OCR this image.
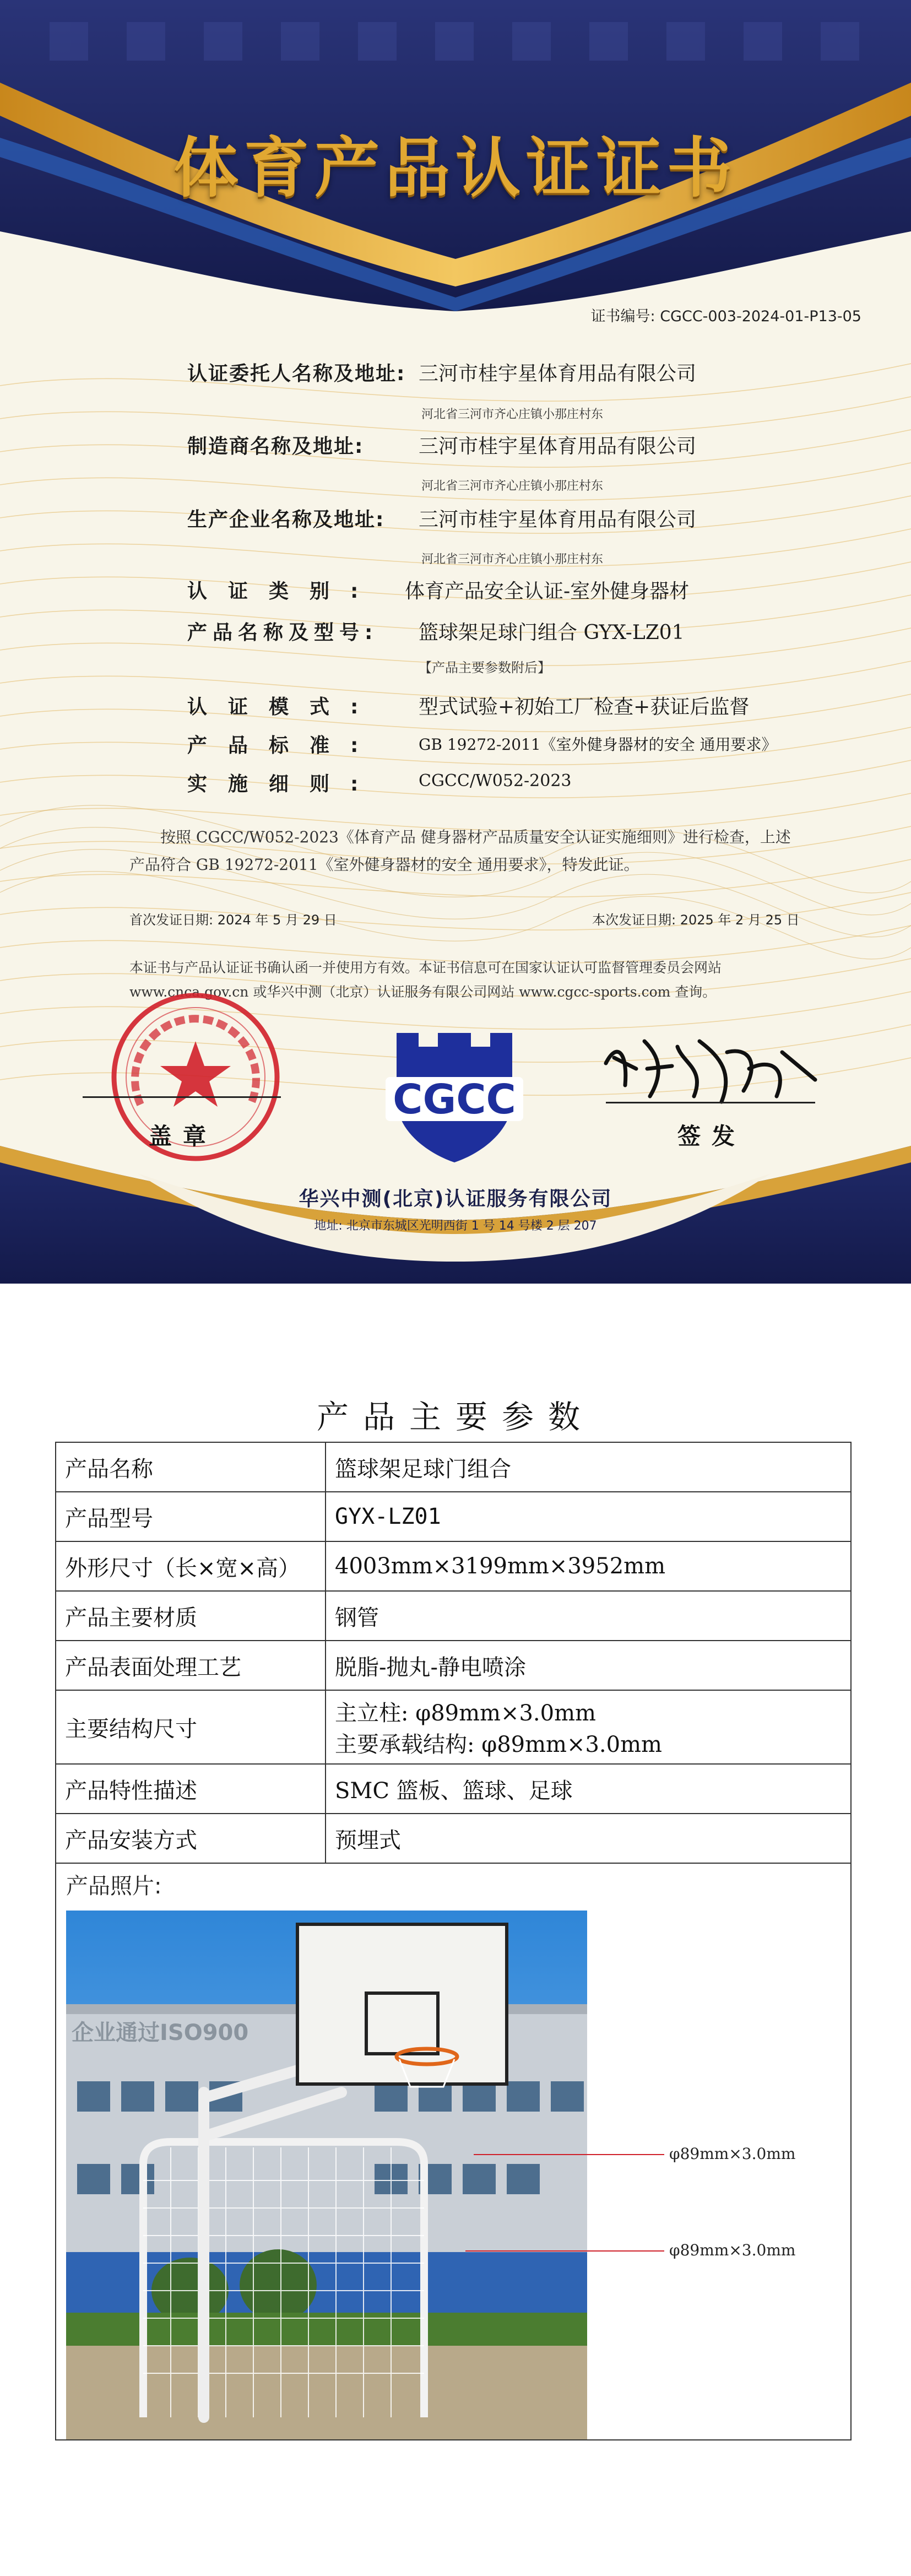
体育产品认证证书
证书编号: CGCC-003-2024-01-P13-05
认证委托人名称及地址: 三河市桂宇星体育用品有限公司
河北省三河市齐心庄镇小那庄村东
制造商名称及地址:	三河市桂宇星体育用品有限公司
河北省三河市齐心庄镇小那庄村东
生产企业名称及地址: 三河市桂宇星体育用品有限公司
河北省三河市齐心庄镇小那庄村东
认证类别: 体育产品安全认证-室外健身器材
产品名称及型号: 篮球架足球门组合 GYX-LZ01
【产品主要参数附后】
认证模式: 型式试验+初始工厂检查+获证后监督
产品标准:	GB 19272-2011《室外健身器材的安全 通用要求》
实施细则: CGCC/W052-2023
按照 CGCC/W052-2023《体育产品 健身器材产品质量安全认证实施细则》进行检查，上述产品符合 GB 19272-2011《室外健身器材的安全 通用要求》，特发此证。
首次发证日期: 2024 年 5 月 29 日	本次发证日期: 2025 年 2 月 25 日
本证书与产品认证证书确认函一并使用方有效。本证书信息可在国家认证认可监督管理委员会网站 www.cnca.gov.cn 或华兴中测（北京）认证服务有限公司网站 www.cgcc-sports.com 查询。
盖章
CGCC
签发
华兴中测(北京)认证服务有限公司
地址: 北京市东城区光明西街 1 号 14 号楼 2 层 207
产品主要参数
产品名称	篮球架足球门组合
产品型号	GYX-LZ01
外形尺寸（长×宽×高）	4003mm×3199mm×3952mm
产品主要材质	钢管
产品表面处理工艺	脱脂-抛丸-静电喷涂
主要结构尺寸	主立柱: φ89mm×3.0mm
主要承载结构: φ89mm×3.0mm

产品特性描述	SMC 篮板、篮球、足球
产品安装方式	预埋式
产品照片:
企业通过ISO900
φ89mm×3.0mm
φ89mm×3.0mm
